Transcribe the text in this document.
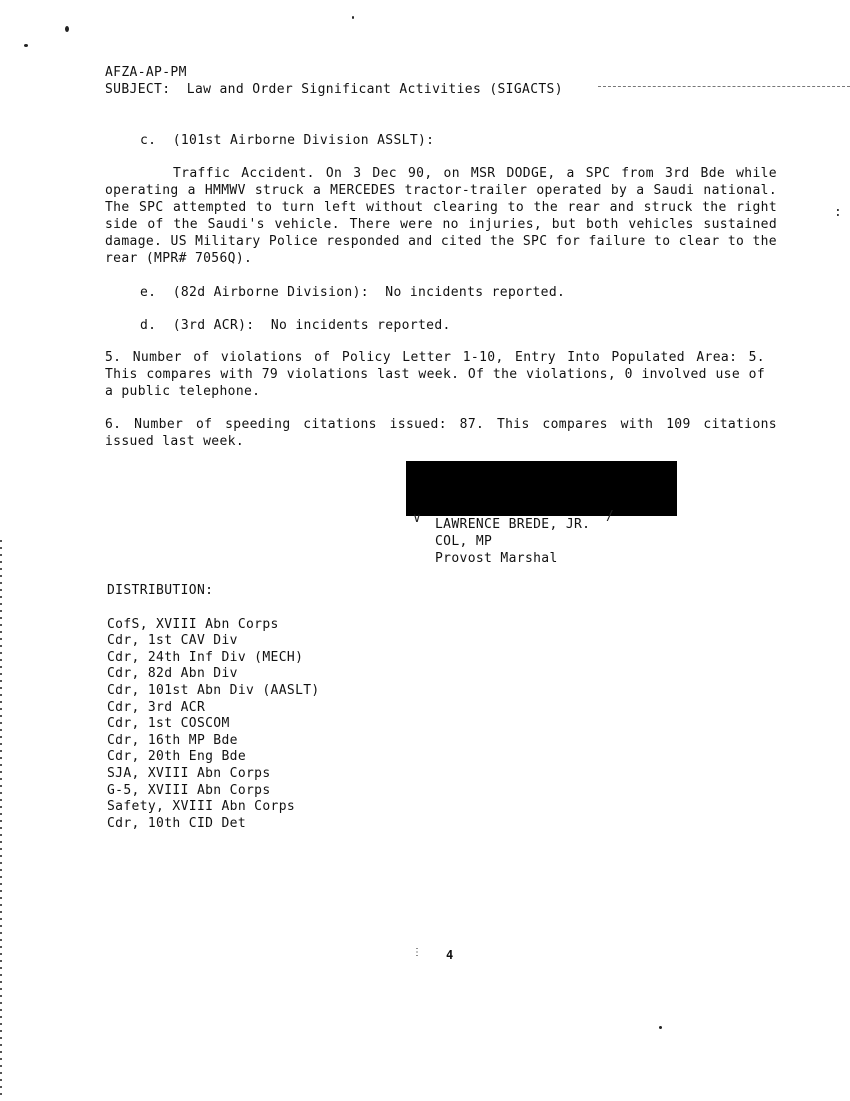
:
AFZA-AP-PM
SUBJECT: Law and Order Significant Activities (SIGACTS)
c.  (101st Airborne Division ASSLT):
Traffic Accident. On 3 Dec 90, on MSR DODGE, a SPC from 3rd Bde while operating a HMMWV struck a MERCEDES tractor-trailer operated by a Saudi national. The SPC attempted to turn left without clearing to the rear and struck the right side of the Saudi's vehicle. There were no injuries, but both vehicles sustained damage. US Military Police responded and cited the SPC for failure to clear to the rear (MPR# 7056Q).
e.  (82d Airborne Division):  No incidents reported.
d.  (3rd ACR):  No incidents reported.
5. Number of violations of Policy Letter 1-10, Entry Into Populated Area: 5. This compares with 79 violations last week. Of the violations, 0 involved use of a public telephone.
6. Number of speeding citations issued: 87. This compares with 109 citations issued last week.
∨	/
LAWRENCE BREDE, JR.
COL, MP
Provost Marshal
DISTRIBUTION:

CofS, XVIII Abn Corps
Cdr, 1st CAV Div
Cdr, 24th Inf Div (MECH)
Cdr, 82d Abn Div
Cdr, 101st Abn Div (AASLT)
Cdr, 3rd ACR
Cdr, 1st COSCOM
Cdr, 16th MP Bde
Cdr, 20th Eng Bde
SJA, XVIII Abn Corps
G-5, XVIII Abn Corps
Safety, XVIII Abn Corps
Cdr, 10th CID Det

⋮ 4
